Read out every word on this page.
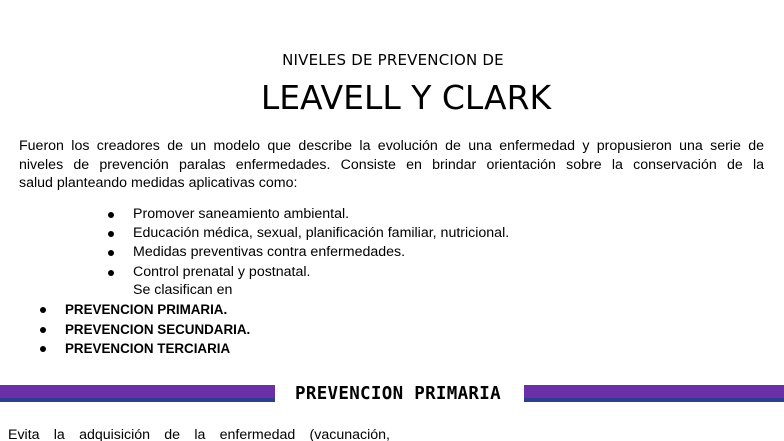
NIVELES DE PREVENCION DE
LEAVELL Y CLARK
Fueron los creadores de un modelo que describe la evolución de una enfermedad y propusieron una serie de
niveles de prevención paralas enfermedades. Consiste en brindar orientación sobre la conservación de la
salud planteando medidas aplicativas como:
Promover saneamiento ambiental.
Educación médica, sexual, planificación familiar, nutricional.
Medidas preventivas contra enfermedades.
Control prenatal y postnatal.
Se clasifican en
PREVENCION PRIMARIA.
PREVENCION SECUNDARIA.
PREVENCION TERCIARIA
PREVENCION PRIMARIA
Evita la adquisición de la enfermedad (vacunación,
